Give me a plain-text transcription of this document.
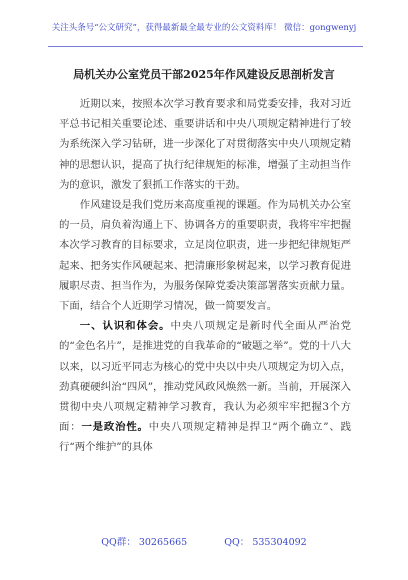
关注头条号“公文研究”，获得最新最全最专业的公文资料库！ 微信：gongwenyj
局机关办公室党员干部2025年作风建设反思剖析发言

近期以来，按照本次学习教育要求和局党委安排，我对习近平总书记相关重要论述、重要讲话和中央八项规定精神进行了较为系统深入学习钻研，进一步深化了对贯彻落实中央八项规定精神的思想认识，提高了执行纪律规矩的标准，增强了主动担当作为的意识，激发了狠抓工作落实的干劲。

作风建设是我们党历来高度重视的课题。作为局机关办公室的一员，肩负着沟通上下、协调各方的重要职责，我将牢牢把握本次学习教育的目标要求，立足岗位职责，进一步把纪律规矩严起来、把务实作风硬起来、把清廉形象树起来，以学习教育促进履职尽责、担当作为，为服务保障党委决策部署落实贡献力量。下面，结合个人近期学习情况，做一简要发言。

一、认识和体会。中央八项规定是新时代全面从严治党的“金色名片”，是推进党的自我革命的“破题之举”。党的十八大以来，以习近平同志为核心的党中央以中央八项规定为切入点，劲真硬硬纠治“四风”，推动党风政风焕然一新。当前，开展深入贯彻中央八项规定精神学习教育，我认为必须牢牢把握3个方面：一是政治性。中央八项规定精神是捍卫“两个确立”、践行“两个维护”的具体

QQ群： 30265665	QQ： 535304092
